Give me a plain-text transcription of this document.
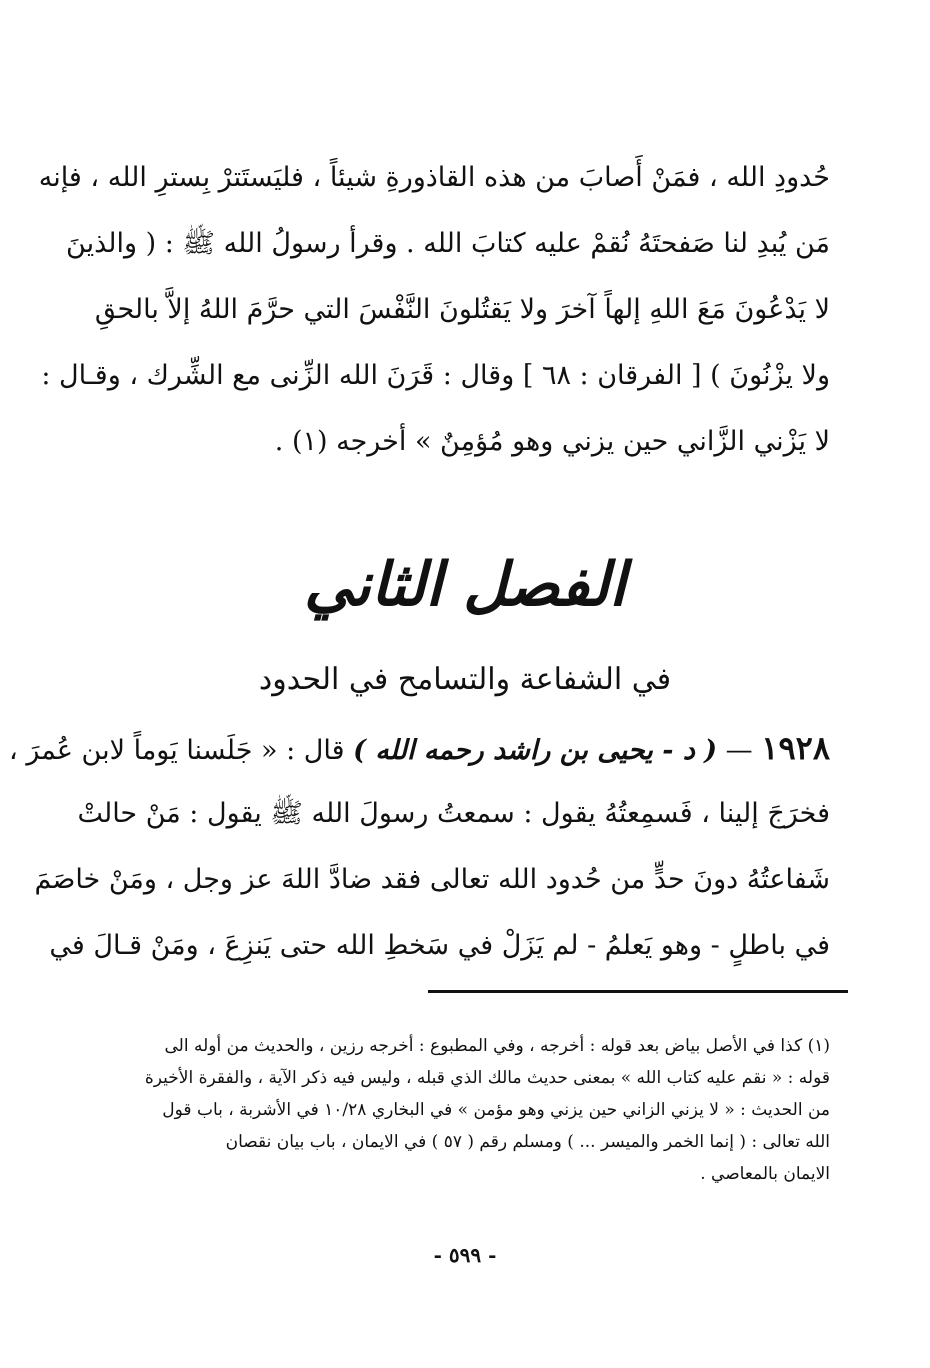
حُدودِ الله ، فمَنْ أَصابَ من هذه القاذورةِ شيئاً ، فليَستَترْ بِسترِ الله ، فإنه
مَن يُبدِ لنا صَفحتَهُ نُقمْ عليه كتابَ الله . وقرأ رسولُ الله ﷺ : ( والذينَ
لا يَدْعُونَ مَعَ اللهِ إلهاً آخرَ ولا يَقتُلونَ النَّفْسَ التي حرَّمَ اللهُ إلاَّ بالحقِ
ولا يزْنُونَ ) [ الفرقان : ٦٨ ] وقال : قَرَنَ الله الزِّنى مع الشِّرك ، وقـال :
لا يَزْني الزَّاني حين يزني وهو مُؤمِنٌ » أخرجه (١) .
الفصل الثاني
في الشفاعة والتسامح في الحدود
١٩٢٨ — ( د - يحيى بن راشد رحمه الله ) قال : « جَلَسنا يَوماً لابن عُمرَ ،
فخرَجَ إلينا ، فَسمِعتُهُ يقول : سمعتُ رسولَ الله ﷺ يقول : مَنْ حالتْ
شَفاعتُهُ دونَ حدٍّ من حُدود الله تعالى فقد ضادَّ اللهَ عز وجل ، ومَنْ خاصَمَ
في باطلٍ - وهو يَعلمُ - لم يَزَلْ في سَخطِ الله حتى يَنزِعَ ، ومَنْ قـالَ في
(١) كذا في الأصل بياض بعد قوله : أخرجه ، وفي المطبوع : أخرجه رزين ، والحديث من أوله الى
قوله : « نقم عليه كتاب الله » بمعنى حديث مالك الذي قبله ، وليس فيه ذكر الآية ، والفقرة الأخيرة
من الحديث : « لا يزني الزاني حين يزني وهو مؤمن » في البخاري ١٠/٢٨ في الأشربة ، باب قول
الله تعالى : ( إنما الخمر والميسر ... ) ومسلم رقم ( ٥٧ ) في الايمان ، باب بيان نقصان
الايمان بالمعاصي .
- ٥٩٩ -
